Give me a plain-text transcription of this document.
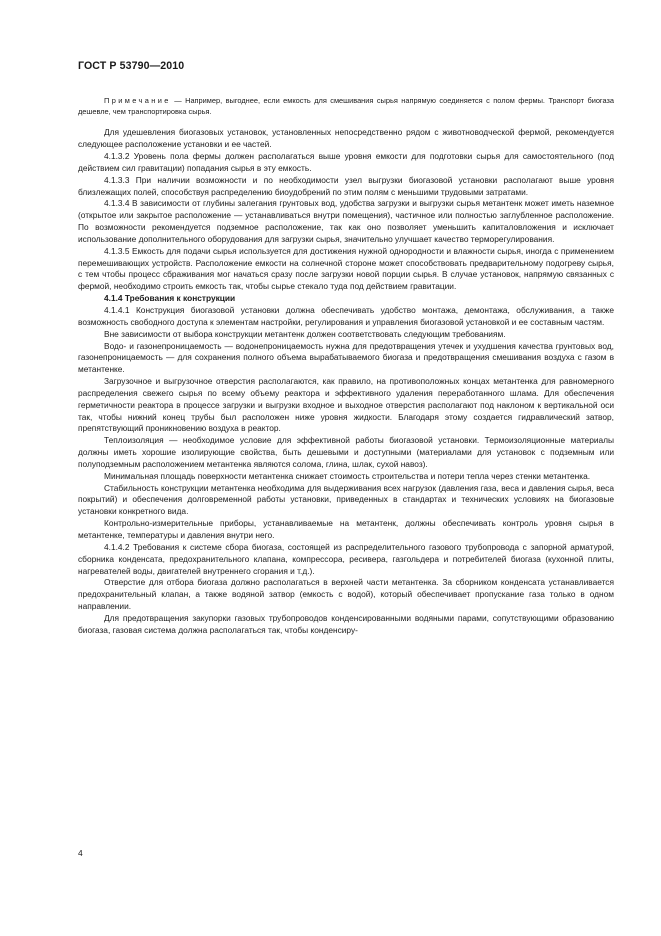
ГОСТ Р 53790—2010

Примечание — Например, выгоднее, если емкость для смешивания сырья напрямую соединяется с полом фермы. Транспорт биогаза дешевле, чем транспортировка сырья.

Для удешевления биогазовых установок, установленных непосредственно рядом с животноводческой фермой, рекомендуется следующее расположение установки и ее частей.

4.1.3.2 Уровень пола фермы должен располагаться выше уровня емкости для подготовки сырья для самостоятельного (под действием сил гравитации) попадания сырья в эту емкость.

4.1.3.3 При наличии возможности и по необходимости узел выгрузки биогазовой установки располагают выше уровня близлежащих полей, способствуя распределению биоудобрений по этим полям с меньшими трудовыми затратами.

4.1.3.4 В зависимости от глубины залегания грунтовых вод, удобства загрузки и выгрузки сырья метантенк может иметь наземное (открытое или закрытое расположение — устанавливаться внутри помещения), частичное или полностью заглубленное расположение. По возможности рекомендуется подземное расположение, так как оно позволяет уменьшить капиталовложения и исключает использование дополнительного оборудования для загрузки сырья, значительно улучшает качество терморегулирования.

4.1.3.5 Емкость для подачи сырья используется для достижения нужной однородности и влажности сырья, иногда с применением перемешивающих устройств. Расположение емкости на солнечной стороне может способствовать предварительному подогреву сырья, с тем чтобы процесс сбраживания мог начаться сразу после загрузки новой порции сырья. В случае установок, напрямую связанных с фермой, необходимо строить емкость так, чтобы сырье стекало туда под действием гравитации.

4.1.4 Требования к конструкции

4.1.4.1 Конструкция биогазовой установки должна обеспечивать удобство монтажа, демонтажа, обслуживания, а также возможность свободного доступа к элементам настройки, регулирования и управления биогазовой установкой и ее составным частям.

Вне зависимости от выбора конструкции метантенк должен соответствовать следующим требованиям.

Водо- и газонепроницаемость — водонепроницаемость нужна для предотвращения утечек и ухудшения качества грунтовых вод, газонепроницаемость — для сохранения полного объема вырабатываемого биогаза и предотвращения смешивания воздуха с газом в метантенке.

Загрузочное и выгрузочное отверстия располагаются, как правило, на противоположных концах метантенка для равномерного распределения свежего сырья по всему объему реактора и эффективного удаления переработанного шлама. Для обеспечения герметичности реактора в процессе загрузки и выгрузки входное и выходное отверстия располагают под наклоном к вертикальной оси так, чтобы нижний конец трубы был расположен ниже уровня жидкости. Благодаря этому создается гидравлический затвор, препятствующий проникновению воздуха в реактор.

Теплоизоляция — необходимое условие для эффективной работы биогазовой установки. Термоизоляционные материалы должны иметь хорошие изолирующие свойства, быть дешевыми и доступными (материалами для установок с подземным или полуподземным расположением метантенка являются солома, глина, шлак, сухой навоз).

Минимальная площадь поверхности метантенка снижает стоимость строительства и потери тепла через стенки метантенка.

Стабильность конструкции метантенка необходима для выдерживания всех нагрузок (давления газа, веса и давления сырья, веса покрытий) и обеспечения долговременной работы установки, приведенных в стандартах и технических условиях на биогазовые установки конкретного вида.

Контрольно-измерительные приборы, устанавливаемые на метантенк, должны обеспечивать контроль уровня сырья в метантенке, температуры и давления внутри него.

4.1.4.2 Требования к системе сбора биогаза, состоящей из распределительного газового трубопровода с запорной арматурой, сборника конденсата, предохранительного клапана, компрессора, ресивера, газгольдера и потребителей биогаза (кухонной плиты, нагревателей воды, двигателей внутреннего сгорания и т.д.).

Отверстие для отбора биогаза должно располагаться в верхней части метантенка. За сборником конденсата устанавливается предохранительный клапан, а также водяной затвор (емкость с водой), который обеспечивает пропускание газа только в одном направлении.

Для предотвращения закупорки газовых трубопроводов конденсированными водяными парами, сопутствующими образованию биогаза, газовая система должна располагаться так, чтобы конденсиру-

4
